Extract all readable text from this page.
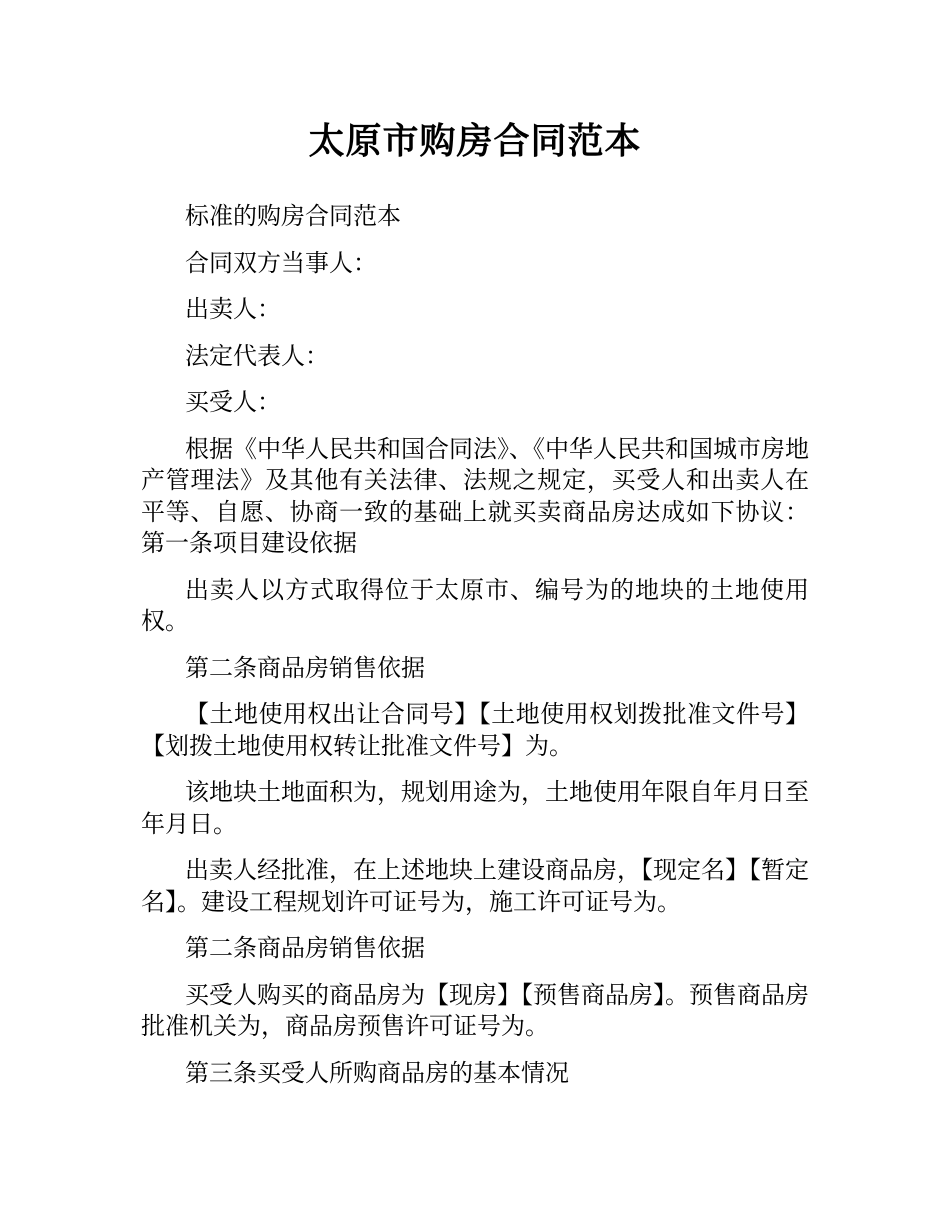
太原市购房合同范本

标准的购房合同范本

合同双方当事人：

出卖人：

法定代表人：

买受人：

根据《中华人民共和国合同法》、《中华人民共和国城市房地产管理法》及其他有关法律、法规之规定，买受人和出卖人在平等、自愿、协商一致的基础上就买卖商品房达成如下协议：第一条项目建设依据

出卖人以方式取得位于太原市、编号为的地块的土地使用权。

第二条商品房销售依据

【土地使用权出让合同号】【土地使用权划拨批准文件号】【划拨土地使用权转让批准文件号】为。

该地块土地面积为，规划用途为，土地使用年限自年月日至年月日。

出卖人经批准，在上述地块上建设商品房，【现定名】【暂定名】。建设工程规划许可证号为，施工许可证号为。

第二条商品房销售依据

买受人购买的商品房为【现房】【预售商品房】。预售商品房批准机关为，商品房预售许可证号为。

第三条买受人所购商品房的基本情况
